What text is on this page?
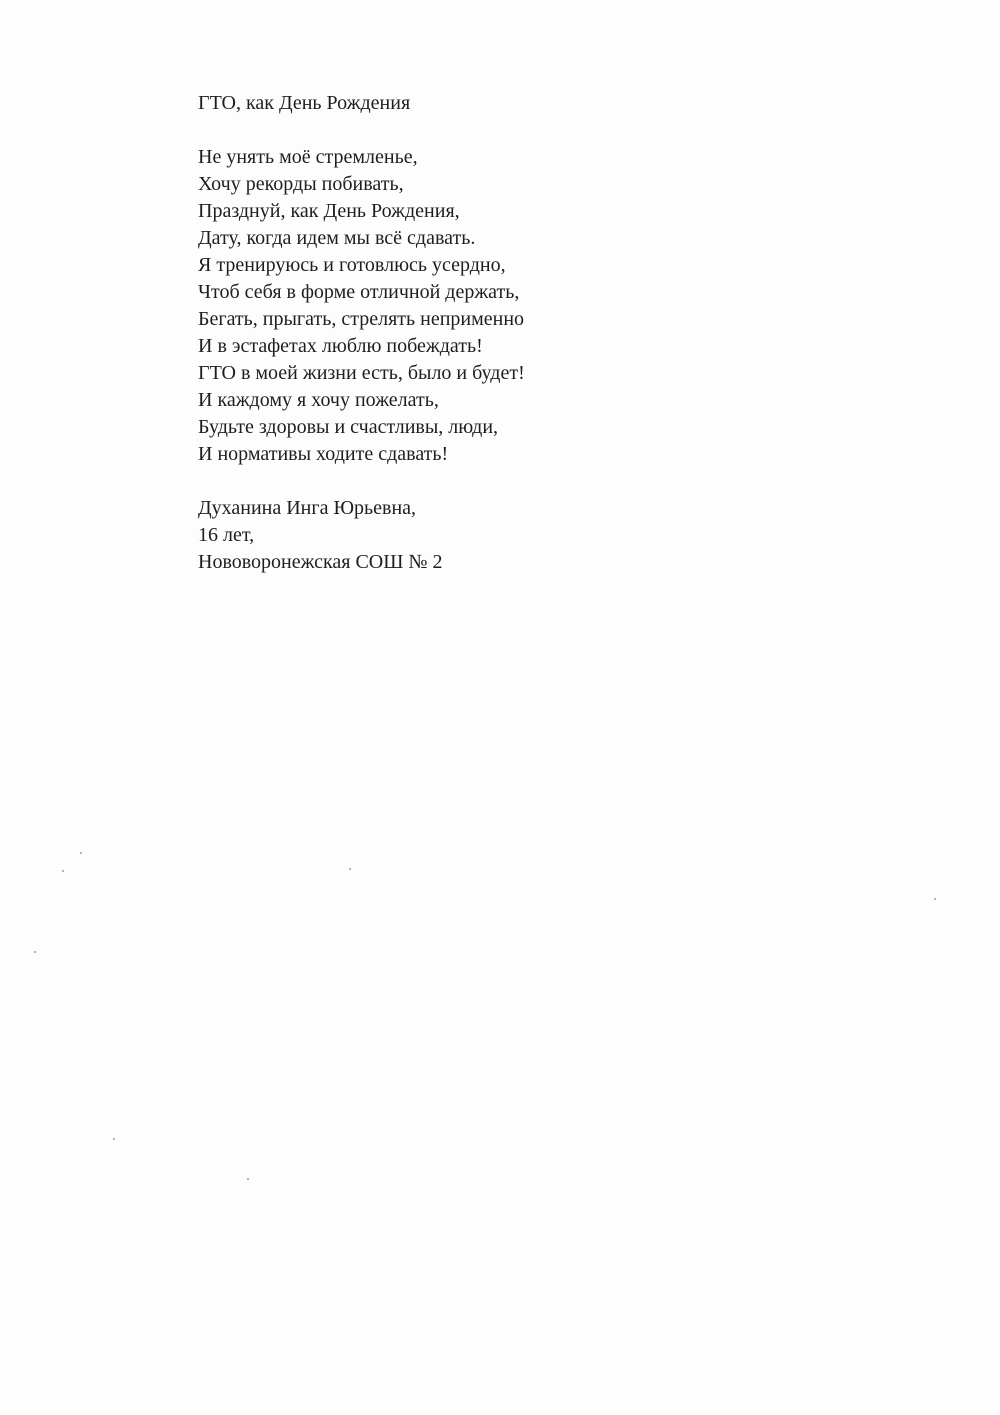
ГТО, как День Рождения

Не унять моё стремленье,
Хочу рекорды побивать,
Празднуй, как День Рождения,
Дату, когда идем мы всё сдавать.
Я тренируюсь и готовлюсь усердно,
Чтоб себя в форме отличной держать,
Бегать, прыгать, стрелять неприменно
И в эстафетах люблю побеждать!
ГТО в моей жизни есть, было и будет!
И каждому я хочу пожелать,
Будьте здоровы и счастливы, люди,
И нормативы ходите сдавать!
Духанина Инга Юрьевна,
16 лет,
Нововоронежская СОШ № 2
